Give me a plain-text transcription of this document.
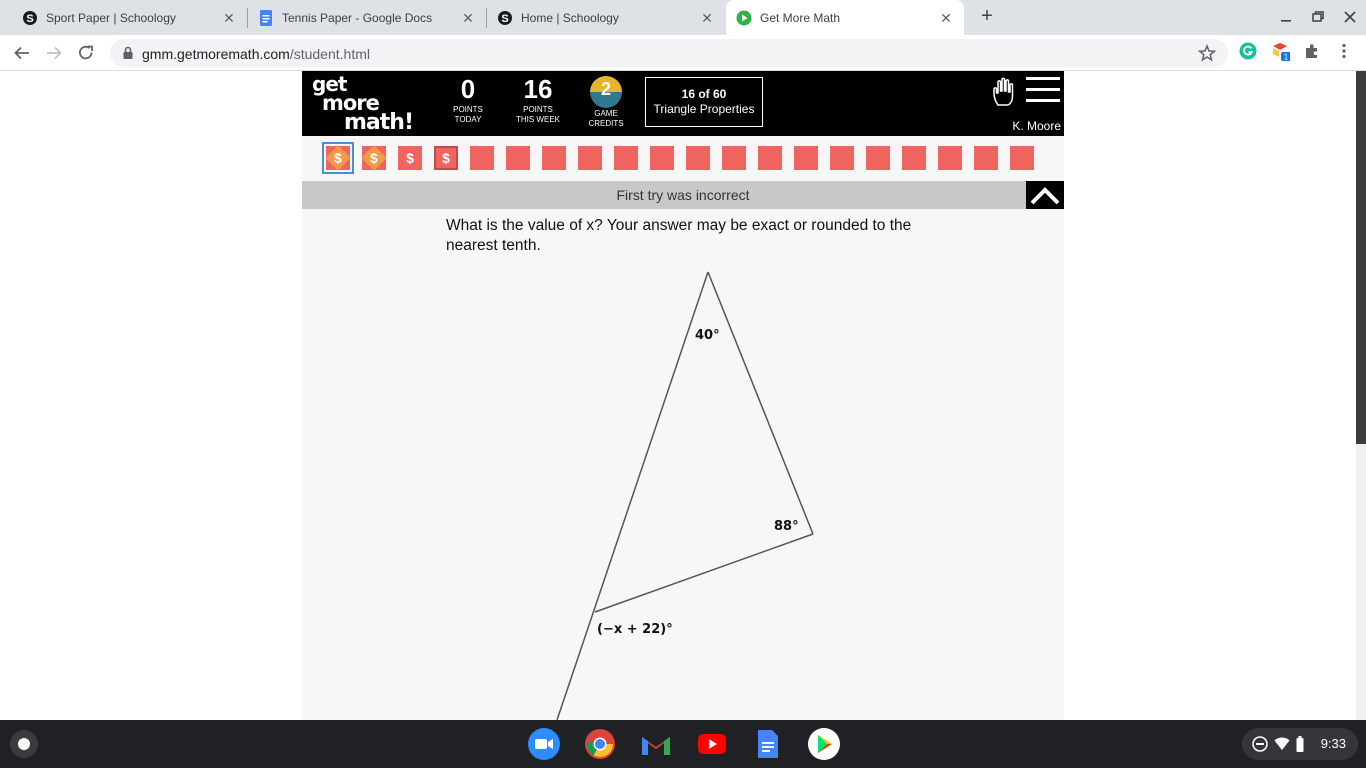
S Sport Paper | Schoology	✕	Tennis Paper - Google Docs	✕ S Home | Schoology	✕	Get More Math	✕ +
gmm.getmoremath.com/student.html	1
get
more
math!
0
POINTS
TODAY
16
POINTS
THIS WEEK
2
GAME
CREDITS
16 of 60
Triangle Properties
K. Moore
$	$	$	$
First try was incorrect
What is the value of x? Your answer may be exact or rounded to the nearest tenth.
40°
88°
(−x + 22)°
9:33
